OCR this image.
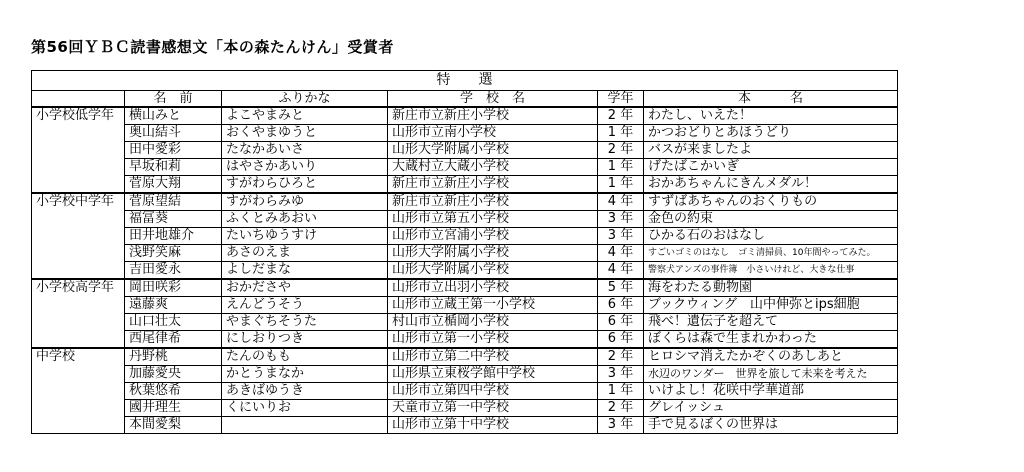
第56回ＹＢＣ読書感想文「本の森たんけん」受賞者
特　　選					
	名　前	ふりかな	学　校　名	学年	本　　　名
小学校低学年	横山みと	よこやまみと	新庄市立新庄小学校	2 年	わたし、いえた！
	奥山結斗	おくやまゆうと	山形市立南小学校	1 年	かつおどりとあほうどり
	田中愛彩	たなかあいさ	山形大学附属小学校	2 年	バスが来ましたよ
	早坂和莉	はやさかあいり	大蔵村立大蔵小学校	1 年	げたばこかいぎ
	菅原大翔	すがわらひろと	新庄市立新庄小学校	1 年	おかあちゃんにきんメダル！
小学校中学年	菅原望結	すがわらみゆ	新庄市立新庄小学校	4 年	すずばあちゃんのおくりもの
	福冨葵	ふくとみあおい	山形市立第五小学校	3 年	金色の約束
	田井地雄介	たいちゆうすけ	山形市立宮浦小学校	3 年	ひかる石のおはなし
	浅野笑麻	あさのえま	山形大学附属小学校	4 年	すごいゴミのはなし　ゴミ清掃員、10年間やってみた。
	吉田愛永	よしだまな	山形大学附属小学校	4 年	警察犬アンズの事件簿　小さいけれど、大きな仕事
小学校高学年	岡田咲彩	おかださや	山形市立出羽小学校	5 年	海をわたる動物園
	遠藤爽	えんどうそう	山形市立蔵王第一小学校	6 年	ブックウィング　山中伸弥とips細胞
	山口壮太	やまぐちそうた	村山市立楯岡小学校	6 年	飛べ！遺伝子を超えて
	西尾律希	にしおりつき	山形市立第一小学校	6 年	ぼくらは森で生まれかわった
中学校	丹野桃	たんのもも	山形市立第二中学校	2 年	ヒロシマ消えたかぞくのあしあと
	加藤愛央	かとうまなか	山形県立東桜学館中学校	3 年	水辺のワンダー　世界を旅して未来を考えた
	秋葉悠希	あきばゆうき	山形市立第四中学校	1 年	いけよし！花咲中学華道部
	國井理生	くにいりお	天童市立第一中学校	2 年	グレイッシュ
	本間愛梨		山形市立第十中学校	3 年	手で見るぼくの世界は
